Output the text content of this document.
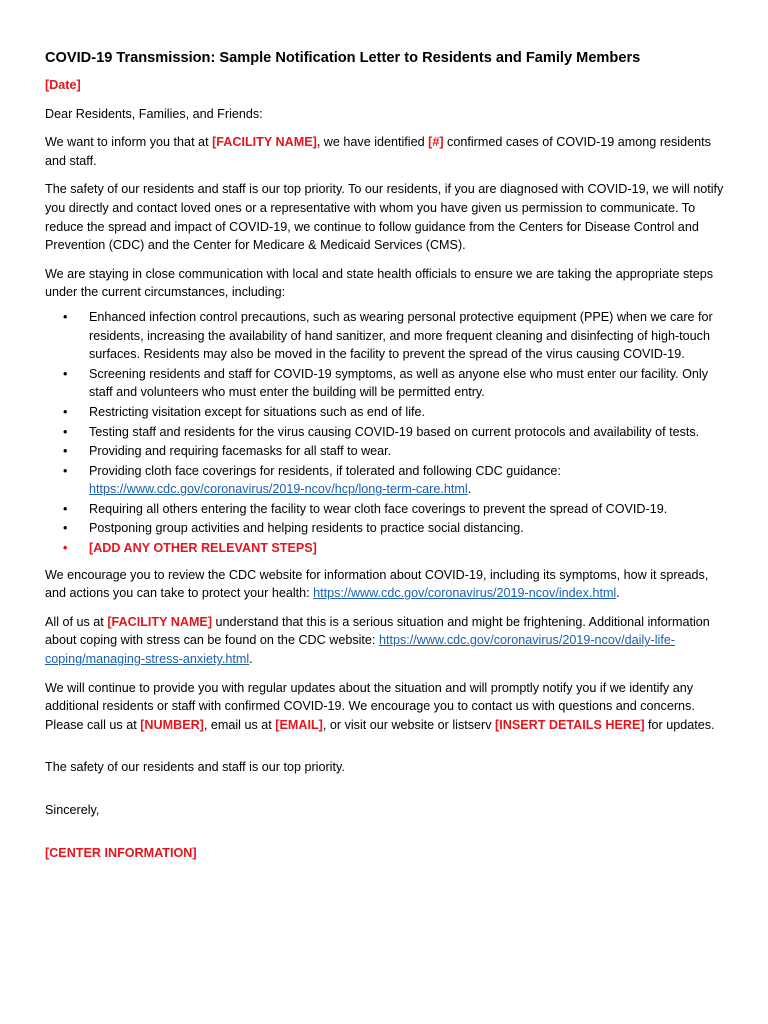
COVID-19 Transmission: Sample Notification Letter to Residents and Family Members

[Date]

Dear Residents, Families, and Friends:

We want to inform you that at [FACILITY NAME], we have identified [#] confirmed cases of COVID-19 among residents and staff.

The safety of our residents and staff is our top priority. To our residents, if you are diagnosed with COVID-19, we will notify you directly and contact loved ones or a representative with whom you have given us permission to communicate. To reduce the spread and impact of COVID-19, we continue to follow guidance from the Centers for Disease Control and Prevention (CDC) and the Center for Medicare & Medicaid Services (CMS).

We are staying in close communication with local and state health officials to ensure we are taking the appropriate steps under the current circumstances, including:

• Enhanced infection control precautions, such as wearing personal protective equipment (PPE) when we care for residents, increasing the availability of hand sanitizer, and more frequent cleaning and disinfecting of high-touch surfaces. Residents may also be moved in the facility to prevent the spread of the virus causing COVID-19.
• Screening residents and staff for COVID-19 symptoms, as well as anyone else who must enter our facility. Only staff and volunteers who must enter the building will be permitted entry.
• Restricting visitation except for situations such as end of life.
• Testing staff and residents for the virus causing COVID-19 based on current protocols and availability of tests.
• Providing and requiring facemasks for all staff to wear.
• Providing cloth face coverings for residents, if tolerated and following CDC guidance: https://www.cdc.gov/coronavirus/2019-ncov/hcp/long-term-care.html.
• Requiring all others entering the facility to wear cloth face coverings to prevent the spread of COVID-19.
• Postponing group activities and helping residents to practice social distancing.
• [ADD ANY OTHER RELEVANT STEPS]

We encourage you to review the CDC website for information about COVID-19, including its symptoms, how it spreads, and actions you can take to protect your health: https://www.cdc.gov/coronavirus/2019-ncov/index.html.

All of us at [FACILITY NAME] understand that this is a serious situation and might be frightening. Additional information about coping with stress can be found on the CDC website: https://www.cdc.gov/coronavirus/2019-ncov/daily-life-coping/managing-stress-anxiety.html.

We will continue to provide you with regular updates about the situation and will promptly notify you if we identify any additional residents or staff with confirmed COVID-19. We encourage you to contact us with questions and concerns. Please call us at [NUMBER], email us at [EMAIL], or visit our website or listserv [INSERT DETAILS HERE] for updates.

The safety of our residents and staff is our top priority.

Sincerely,

[CENTER INFORMATION]
